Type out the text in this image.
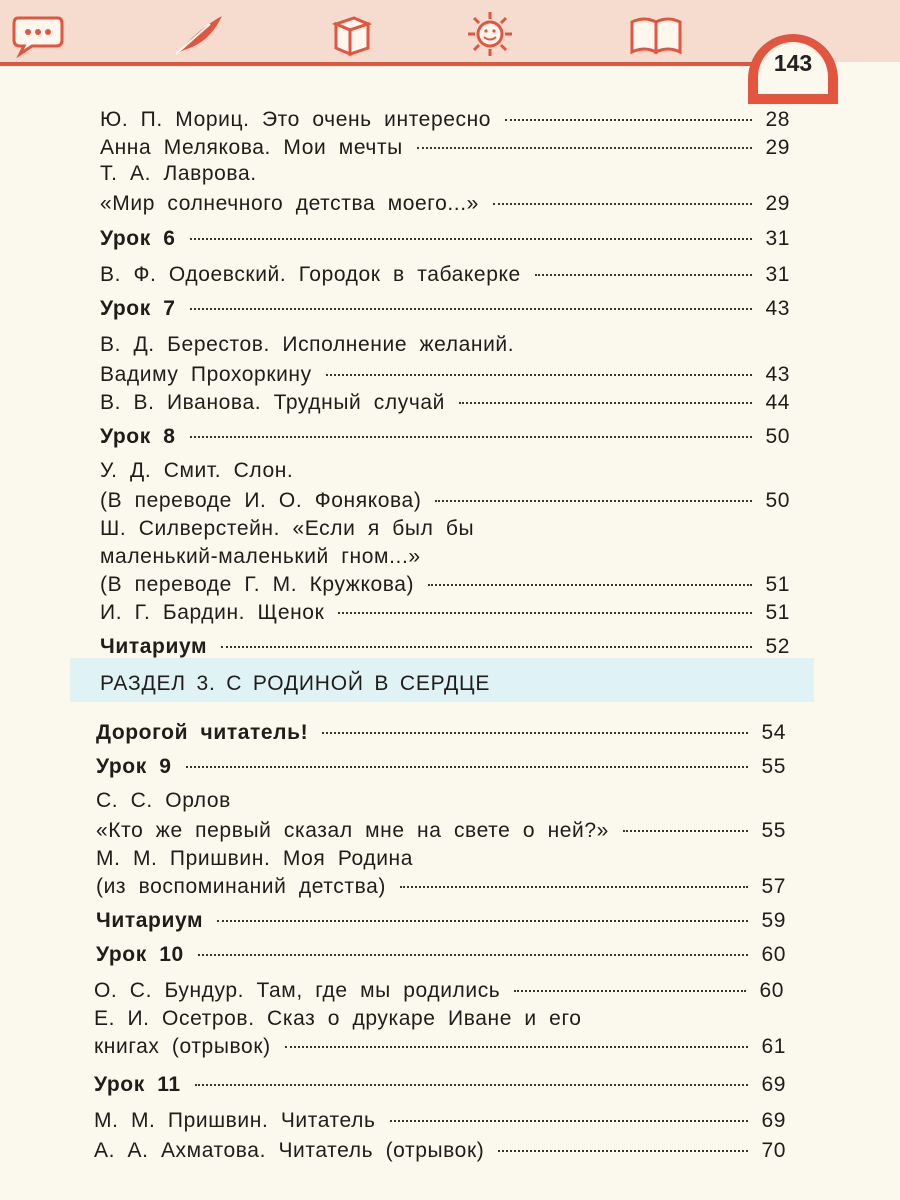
143
РАЗДЕЛ 3. С РОДИНОЙ В СЕРДЦЕ
Ю. П. Мориц. Это очень интересно	28
Анна Мелякова. Мои мечты	29
Т. А. Лаврова.
«Мир солнечного детства моего...»	29
Урок 6	31
В. Ф. Одоевский. Городок в табакерке	31
Урок 7	43
В. Д. Берестов. Исполнение желаний.
Вадиму Прохоркину	43
В. В. Иванова. Трудный случай	44
Урок 8	50
У. Д. Смит. Слон.
(В переводе И. О. Фонякова)	50
Ш. Силверстейн. «Если я был бы
маленький-маленький гном...»
(В переводе Г. М. Кружкова)	51
И. Г. Бардин. Щенок	51
Читариум	52
Дорогой читатель!	54
Урок 9	55
С. С. Орлов
«Кто же первый сказал мне на свете о ней?»	55
М. М. Пришвин. Моя Родина
(из воспоминаний детства)	57
Читариум	59
Урок 10	60
О. С. Бундур. Там, где мы родились	60
Е. И. Осетров. Сказ о друкаре Иване и его
книгах (отрывок)	61
Урок 11	69
М. М. Пришвин. Читатель	69
А. А. Ахматова. Читатель (отрывок)	70
